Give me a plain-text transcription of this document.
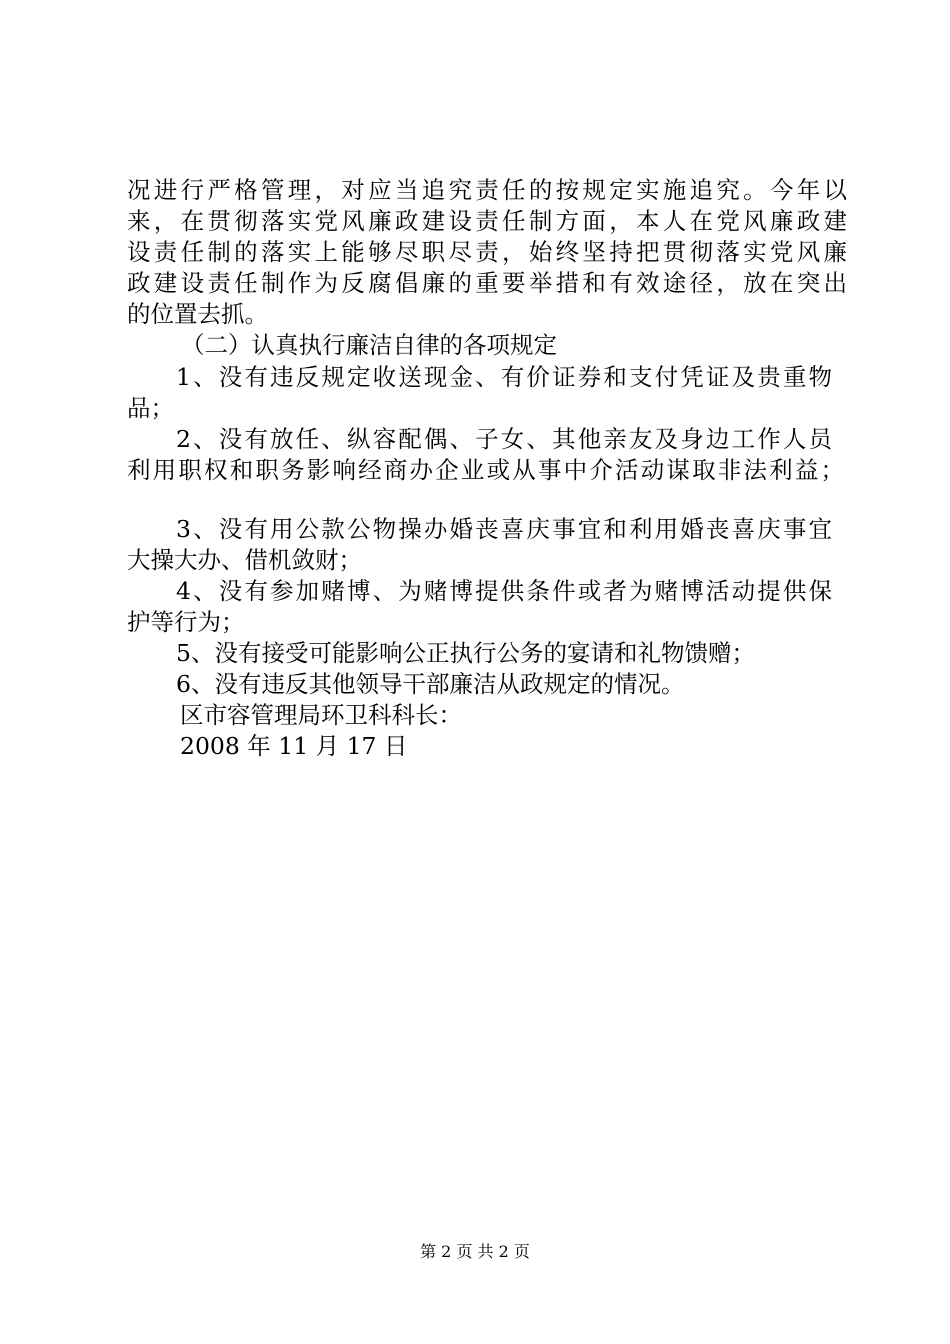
况进行严格管理，对应当追究责任的按规定实施追究。今年以
来，在贯彻落实党风廉政建设责任制方面，本人在党风廉政建
设责任制的落实上能够尽职尽责，始终坚持把贯彻落实党风廉
政建设责任制作为反腐倡廉的重要举措和有效途径，放在突出
的位置去抓。
（二）认真执行廉洁自律的各项规定
1、没有违反规定收送现金、有价证券和支付凭证及贵重物
品；
2、没有放任、纵容配偶、子女、其他亲友及身边工作人员
利用职权和职务影响经商办企业或从事中介活动谋取非法利益；
3、没有用公款公物操办婚丧喜庆事宜和利用婚丧喜庆事宜
大操大办、借机敛财；
4、没有参加赌博、为赌博提供条件或者为赌博活动提供保
护等行为；
5、没有接受可能影响公正执行公务的宴请和礼物馈赠；
6、没有违反其他领导干部廉洁从政规定的情况。
区市容管理局环卫科科长：
2008 年 11 月 17 日
第 2 页 共 2 页
